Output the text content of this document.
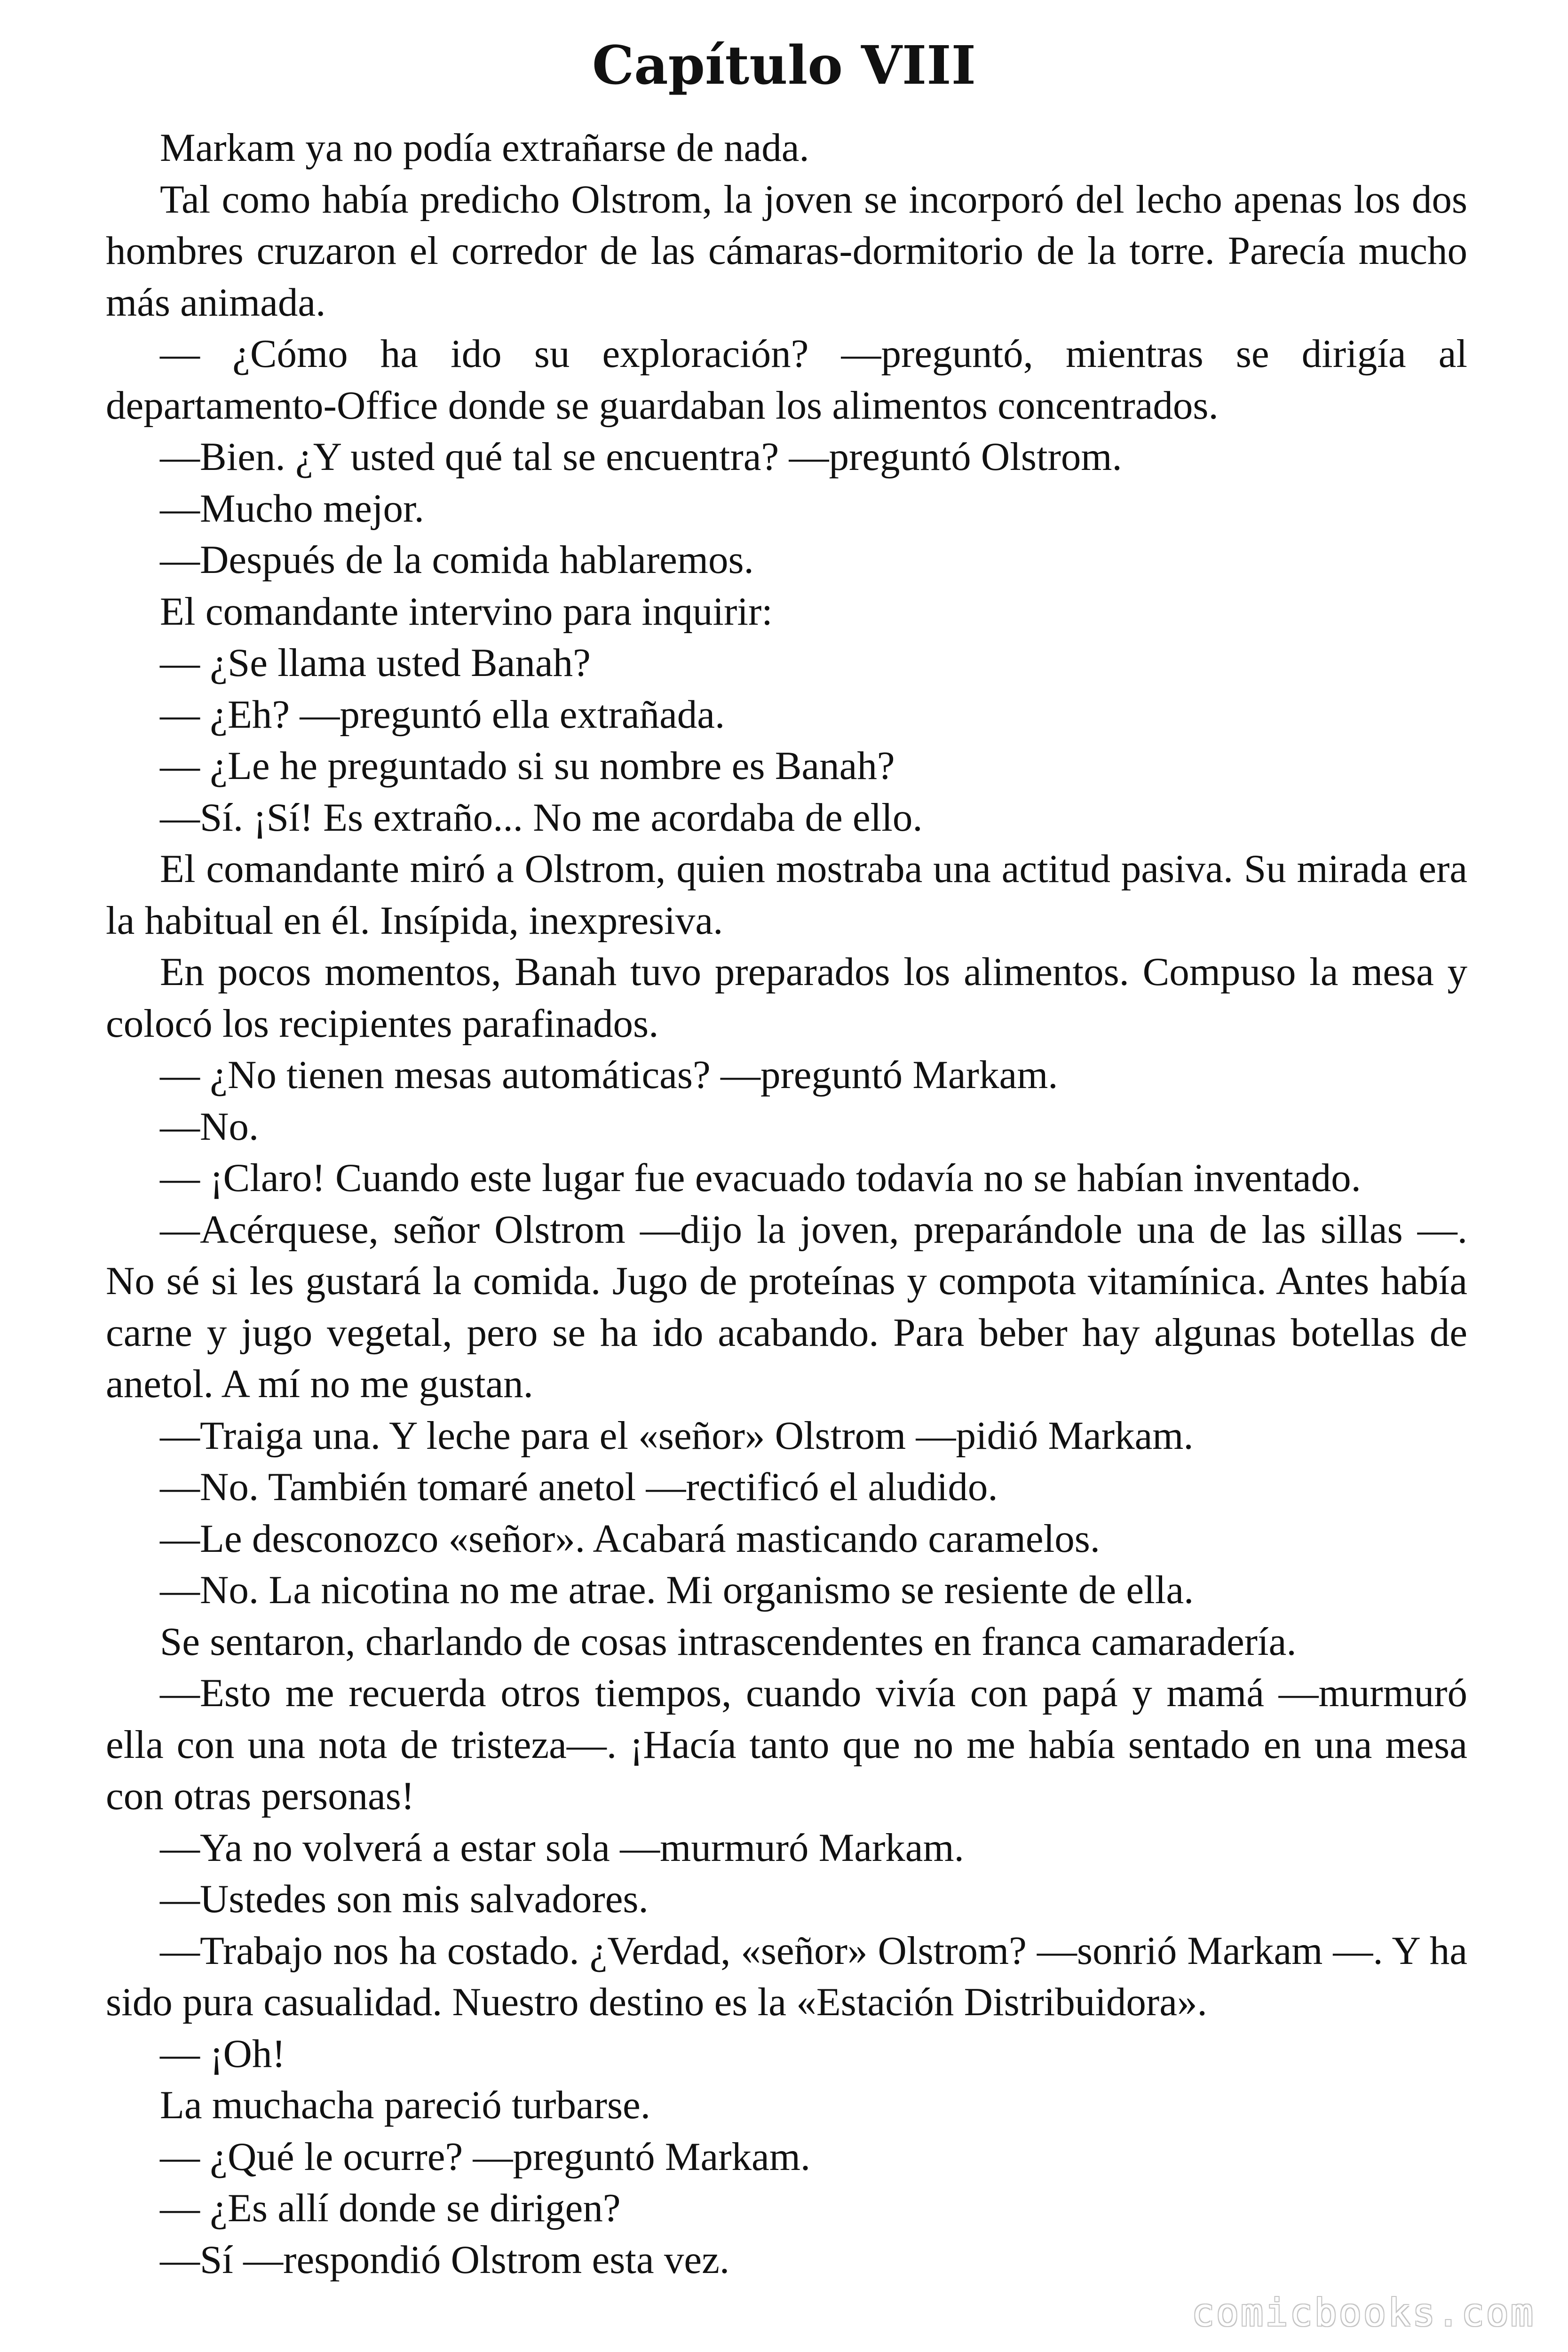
Capítulo VIII

Markam ya no podía extrañarse de nada.

Tal como había predicho Olstrom, la joven se incorporó del lecho apenas los dos hombres cruzaron el corredor de las cámaras-dormitorio de la torre. Parecía mucho más animada.

— ¿Cómo ha ido su exploración? —preguntó, mientras se dirigía al departamento-Office donde se guardaban los alimentos concentrados.

—Bien. ¿Y usted qué tal se encuentra? —preguntó Olstrom.

—Mucho mejor.

—Después de la comida hablaremos.

El comandante intervino para inquirir:

— ¿Se llama usted Banah?

— ¿Eh? —preguntó ella extrañada.

— ¿Le he preguntado si su nombre es Banah?

—Sí. ¡Sí! Es extraño... No me acordaba de ello.

El comandante miró a Olstrom, quien mostraba una actitud pasiva. Su mirada era la habitual en él. Insípida, inexpresiva.

En pocos momentos, Banah tuvo preparados los alimentos. Compuso la mesa y colocó los recipientes parafinados.

— ¿No tienen mesas automáticas? —preguntó Markam.

—No.

— ¡Claro! Cuando este lugar fue evacuado todavía no se habían inventado.

—Acérquese, señor Olstrom —dijo la joven, preparándole una de las sillas —. No sé si les gustará la comida. Jugo de proteínas y compota vitamínica. Antes había carne y jugo vegetal, pero se ha ido acabando. Para beber hay algunas botellas de anetol. A mí no me gustan.

—Traiga una. Y leche para el «señor» Olstrom —pidió Markam.

—No. También tomaré anetol —rectificó el aludido.

—Le desconozco «señor». Acabará masticando caramelos.

—No. La nicotina no me atrae. Mi organismo se resiente de ella.

Se sentaron, charlando de cosas intrascendentes en franca camaradería.

—Esto me recuerda otros tiempos, cuando vivía con papá y mamá —murmuró ella con una nota de tristeza—. ¡Hacía tanto que no me había sentado en una mesa con otras personas!

—Ya no volverá a estar sola —murmuró Markam.

—Ustedes son mis salvadores.

—Trabajo nos ha costado. ¿Verdad, «señor» Olstrom? —sonrió Markam —. Y ha sido pura casualidad. Nuestro destino es la «Estación Distribuidora».

— ¡Oh!

La muchacha pareció turbarse.

— ¿Qué le ocurre? —preguntó Markam.

— ¿Es allí donde se dirigen?

—Sí —respondió Olstrom esta vez.

comicbooks.com
